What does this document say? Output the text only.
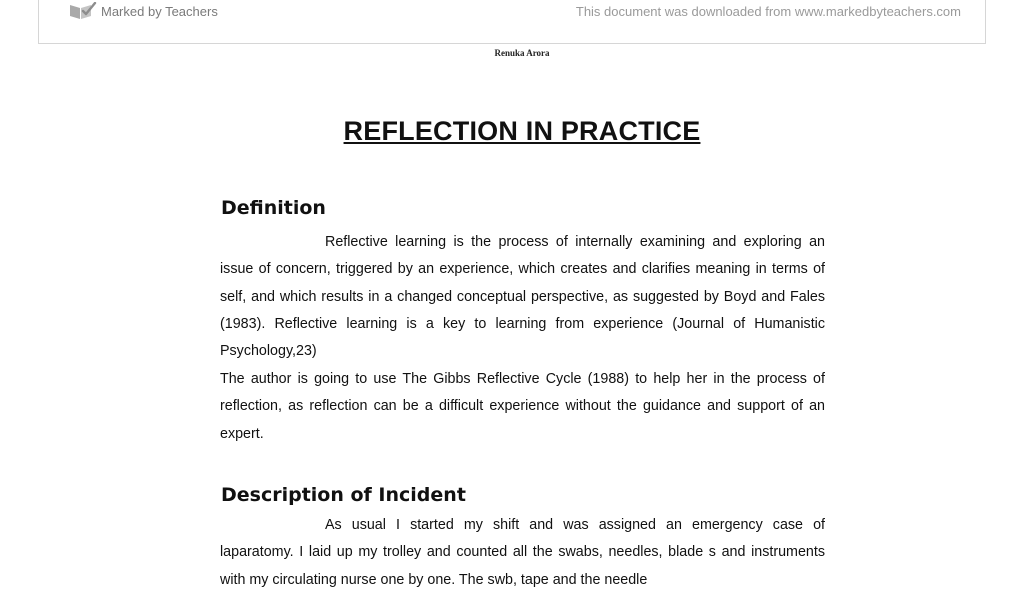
Marked by Teachers	This document was downloaded from www.markedbyteachers.com
Renuka Arora
REFLECTION IN PRACTICE
Definition

Reflective learning is the process of internally examining and exploring an issue of concern, triggered by an experience, which creates and clarifies meaning in terms of self, and which results in a changed conceptual perspective, as suggested by Boyd and Fales (1983). Reflective learning is a key to learning from experience (Journal of Humanistic Psychology,23)

The author is going to use The Gibbs Reflective Cycle (1988) to help her in the process of reflection, as reflection can be a difficult experience without the guidance and support of an expert.

Description of Incident

As usual I started my shift and was assigned an emergency case of laparatomy. I laid up my trolley and counted all the swabs, needles, blade s and instruments with my circulating nurse one by one. The swb, tape and the needle
